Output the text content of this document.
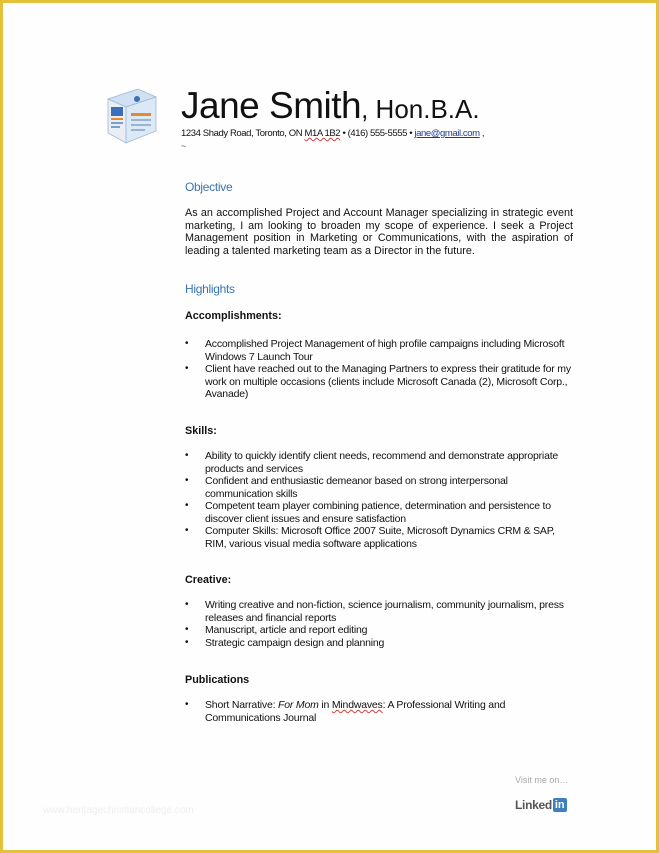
Jane Smith, Hon.B.A.
1234 Shady Road, Toronto, ON M1A 1B2 • (416) 555-5555 • jane@gmail.com ,
~
Objective
As an accomplished Project and Account Manager specializing in strategic event marketing, I am looking to broaden my scope of experience. I seek a Project Management position in Marketing or Communications, with the aspiration of leading a talented marketing team as a Director in the future.
Highlights
Accomplishments:
• Accomplished Project Management of high profile campaigns including Microsoft Windows 7 Launch Tour
• Client have reached out to the Managing Partners to express their gratitude for my work on multiple occasions (clients include Microsoft Canada (2), Microsoft Corp., Avanade)
Skills:
• Ability to quickly identify client needs, recommend and demonstrate appropriate products and services
• Confident and enthusiastic demeanor based on strong interpersonal communication skills
• Competent team player combining patience, determination and persistence to discover client issues and ensure satisfaction
• Computer Skills: Microsoft Office 2007 Suite, Microsoft Dynamics CRM & SAP, RIM, various visual media software applications
Creative:
• Writing creative and non-fiction, science journalism, community journalism, press releases and financial reports
• Manuscript, article and report editing
• Strategic campaign design and planning
Publications
• Short Narrative: For Mom in Mindwaves: A Professional Writing and Communications Journal
www.heritagechristiancollege.com
Visit me on…
Linked in
